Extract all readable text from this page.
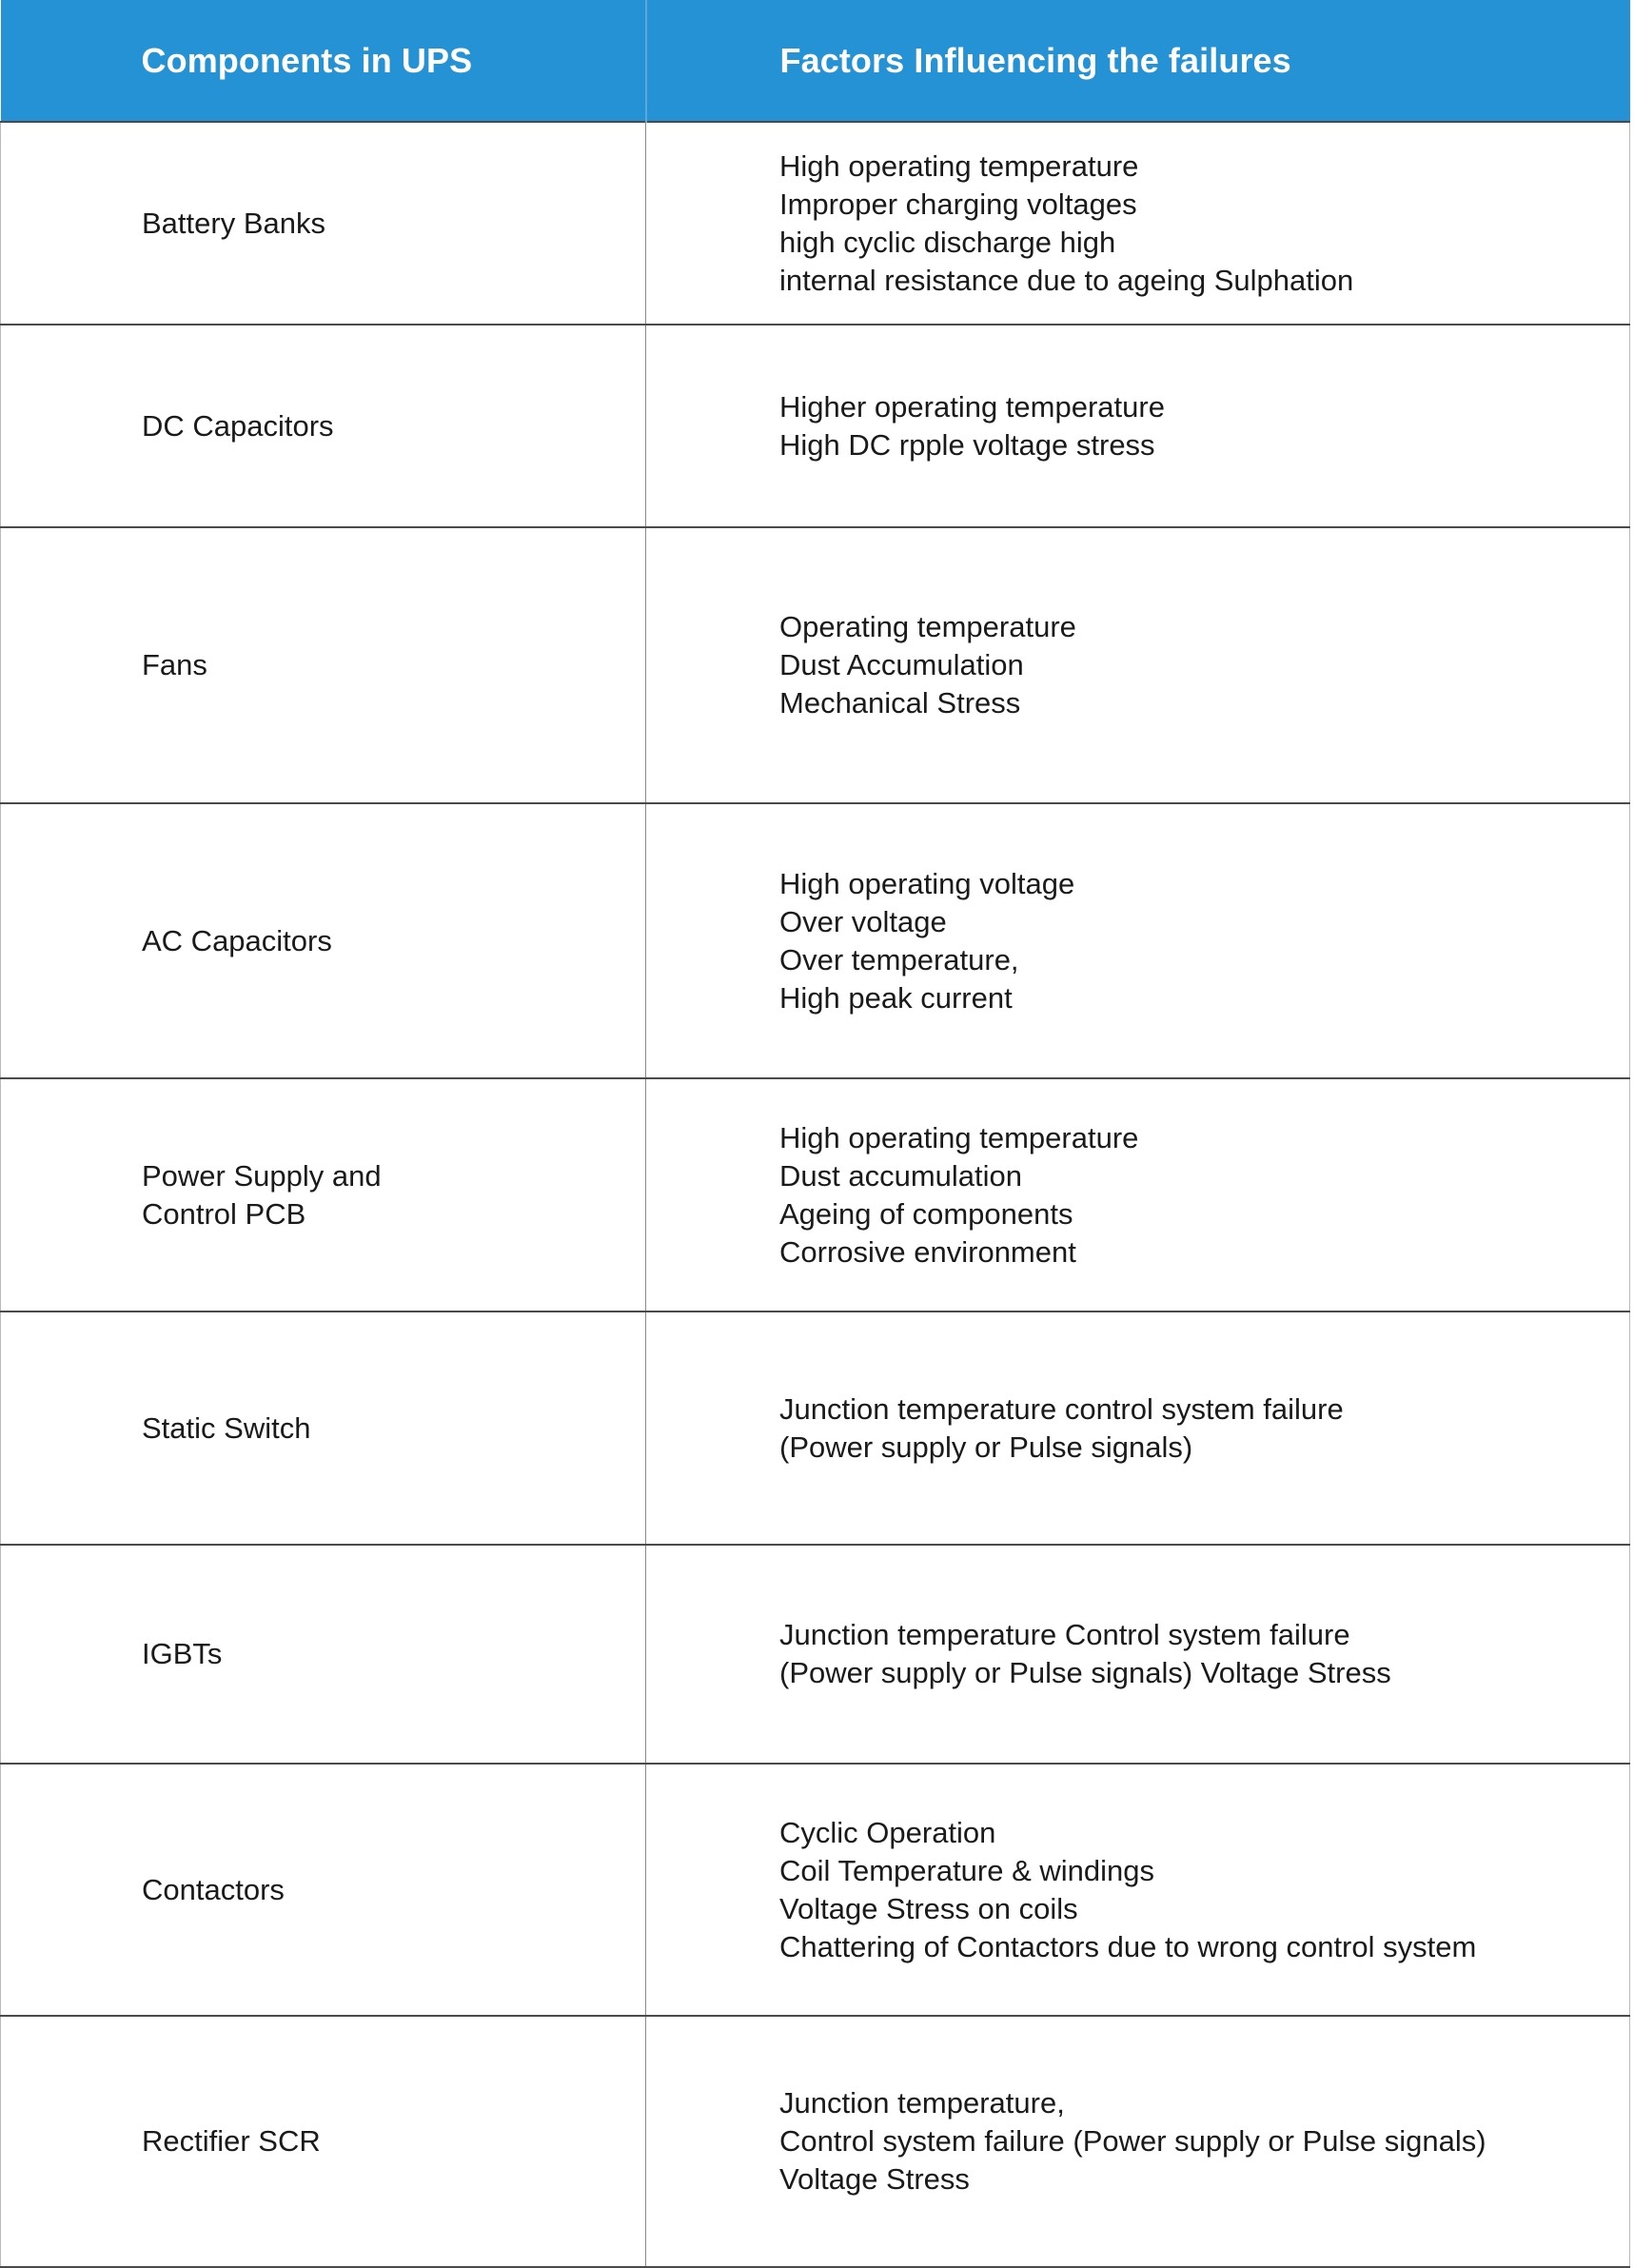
Components in UPS	Factors Influencing the failures

Battery Banks	High operating temperature
Improper charging voltages
high cyclic discharge high
internal resistance due to ageing Sulphation

DC Capacitors	Higher operating temperature
High DC rpple voltage stress

Fans	Operating temperature
Dust Accumulation
Mechanical Stress

AC Capacitors	High operating voltage
Over voltage
Over temperature,
High peak current

Power Supply and
Control PCB	High operating temperature
Dust accumulation
Ageing of components
Corrosive environment

Static Switch	Junction temperature control system failure
(Power supply or Pulse signals)

IGBTs	Junction temperature Control system failure
(Power supply or Pulse signals) Voltage Stress

Contactors	Cyclic Operation
Coil Temperature & windings
Voltage Stress on coils
Chattering of Contactors due to wrong control system

Rectifier SCR	Junction temperature,
Control system failure (Power supply or Pulse signals)
Voltage Stress
